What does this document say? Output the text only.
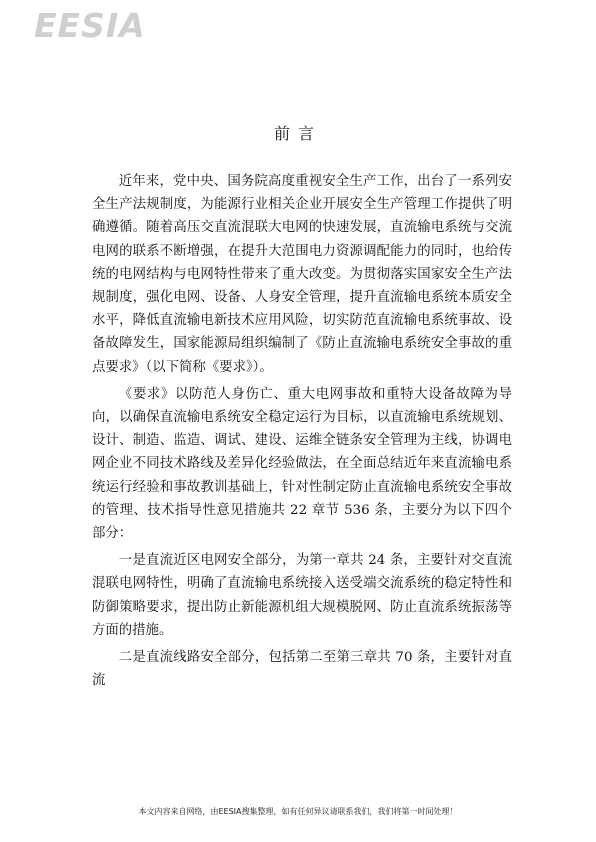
EESIA
前言

近年来，党中央、国务院高度重视安全生产工作，出台了一系列安全生产法规制度，为能源行业相关企业开展安全生产管理工作提供了明确遵循。随着高压交直流混联大电网的快速发展，直流输电系统与交流电网的联系不断增强，在提升大范围电力资源调配能力的同时，也给传统的电网结构与电网特性带来了重大改变。为贯彻落实国家安全生产法规制度，强化电网、设备、人身安全管理，提升直流输电系统本质安全水平，降低直流输电新技术应用风险，切实防范直流输电系统事故、设备故障发生，国家能源局组织编制了《防止直流输电系统安全事故的重点要求》（以下简称《要求》）。

《要求》以防范人身伤亡、重大电网事故和重特大设备故障为导向，以确保直流输电系统安全稳定运行为目标，以直流输电系统规划、设计、制造、监造、调试、建设、运维全链条安全管理为主线，协调电网企业不同技术路线及差异化经验做法，在全面总结近年来直流输电系统运行经验和事故教训基础上，针对性制定防止直流输电系统安全事故的管理、技术指导性意见措施共 22 章节 536 条，主要分为以下四个部分：

一是直流近区电网安全部分，为第一章共 24 条，主要针对交直流混联电网特性，明确了直流输电系统接入送受端交流系统的稳定特性和防御策略要求，提出防止新能源机组大规模脱网、防止直流系统振荡等方面的措施。

二是直流线路安全部分，包括第二至第三章共 70 条，主要针对直流

本文内容来自网络，由EESIA搜集整理，如有任何异议请联系我们，我们将第一时间处理！
